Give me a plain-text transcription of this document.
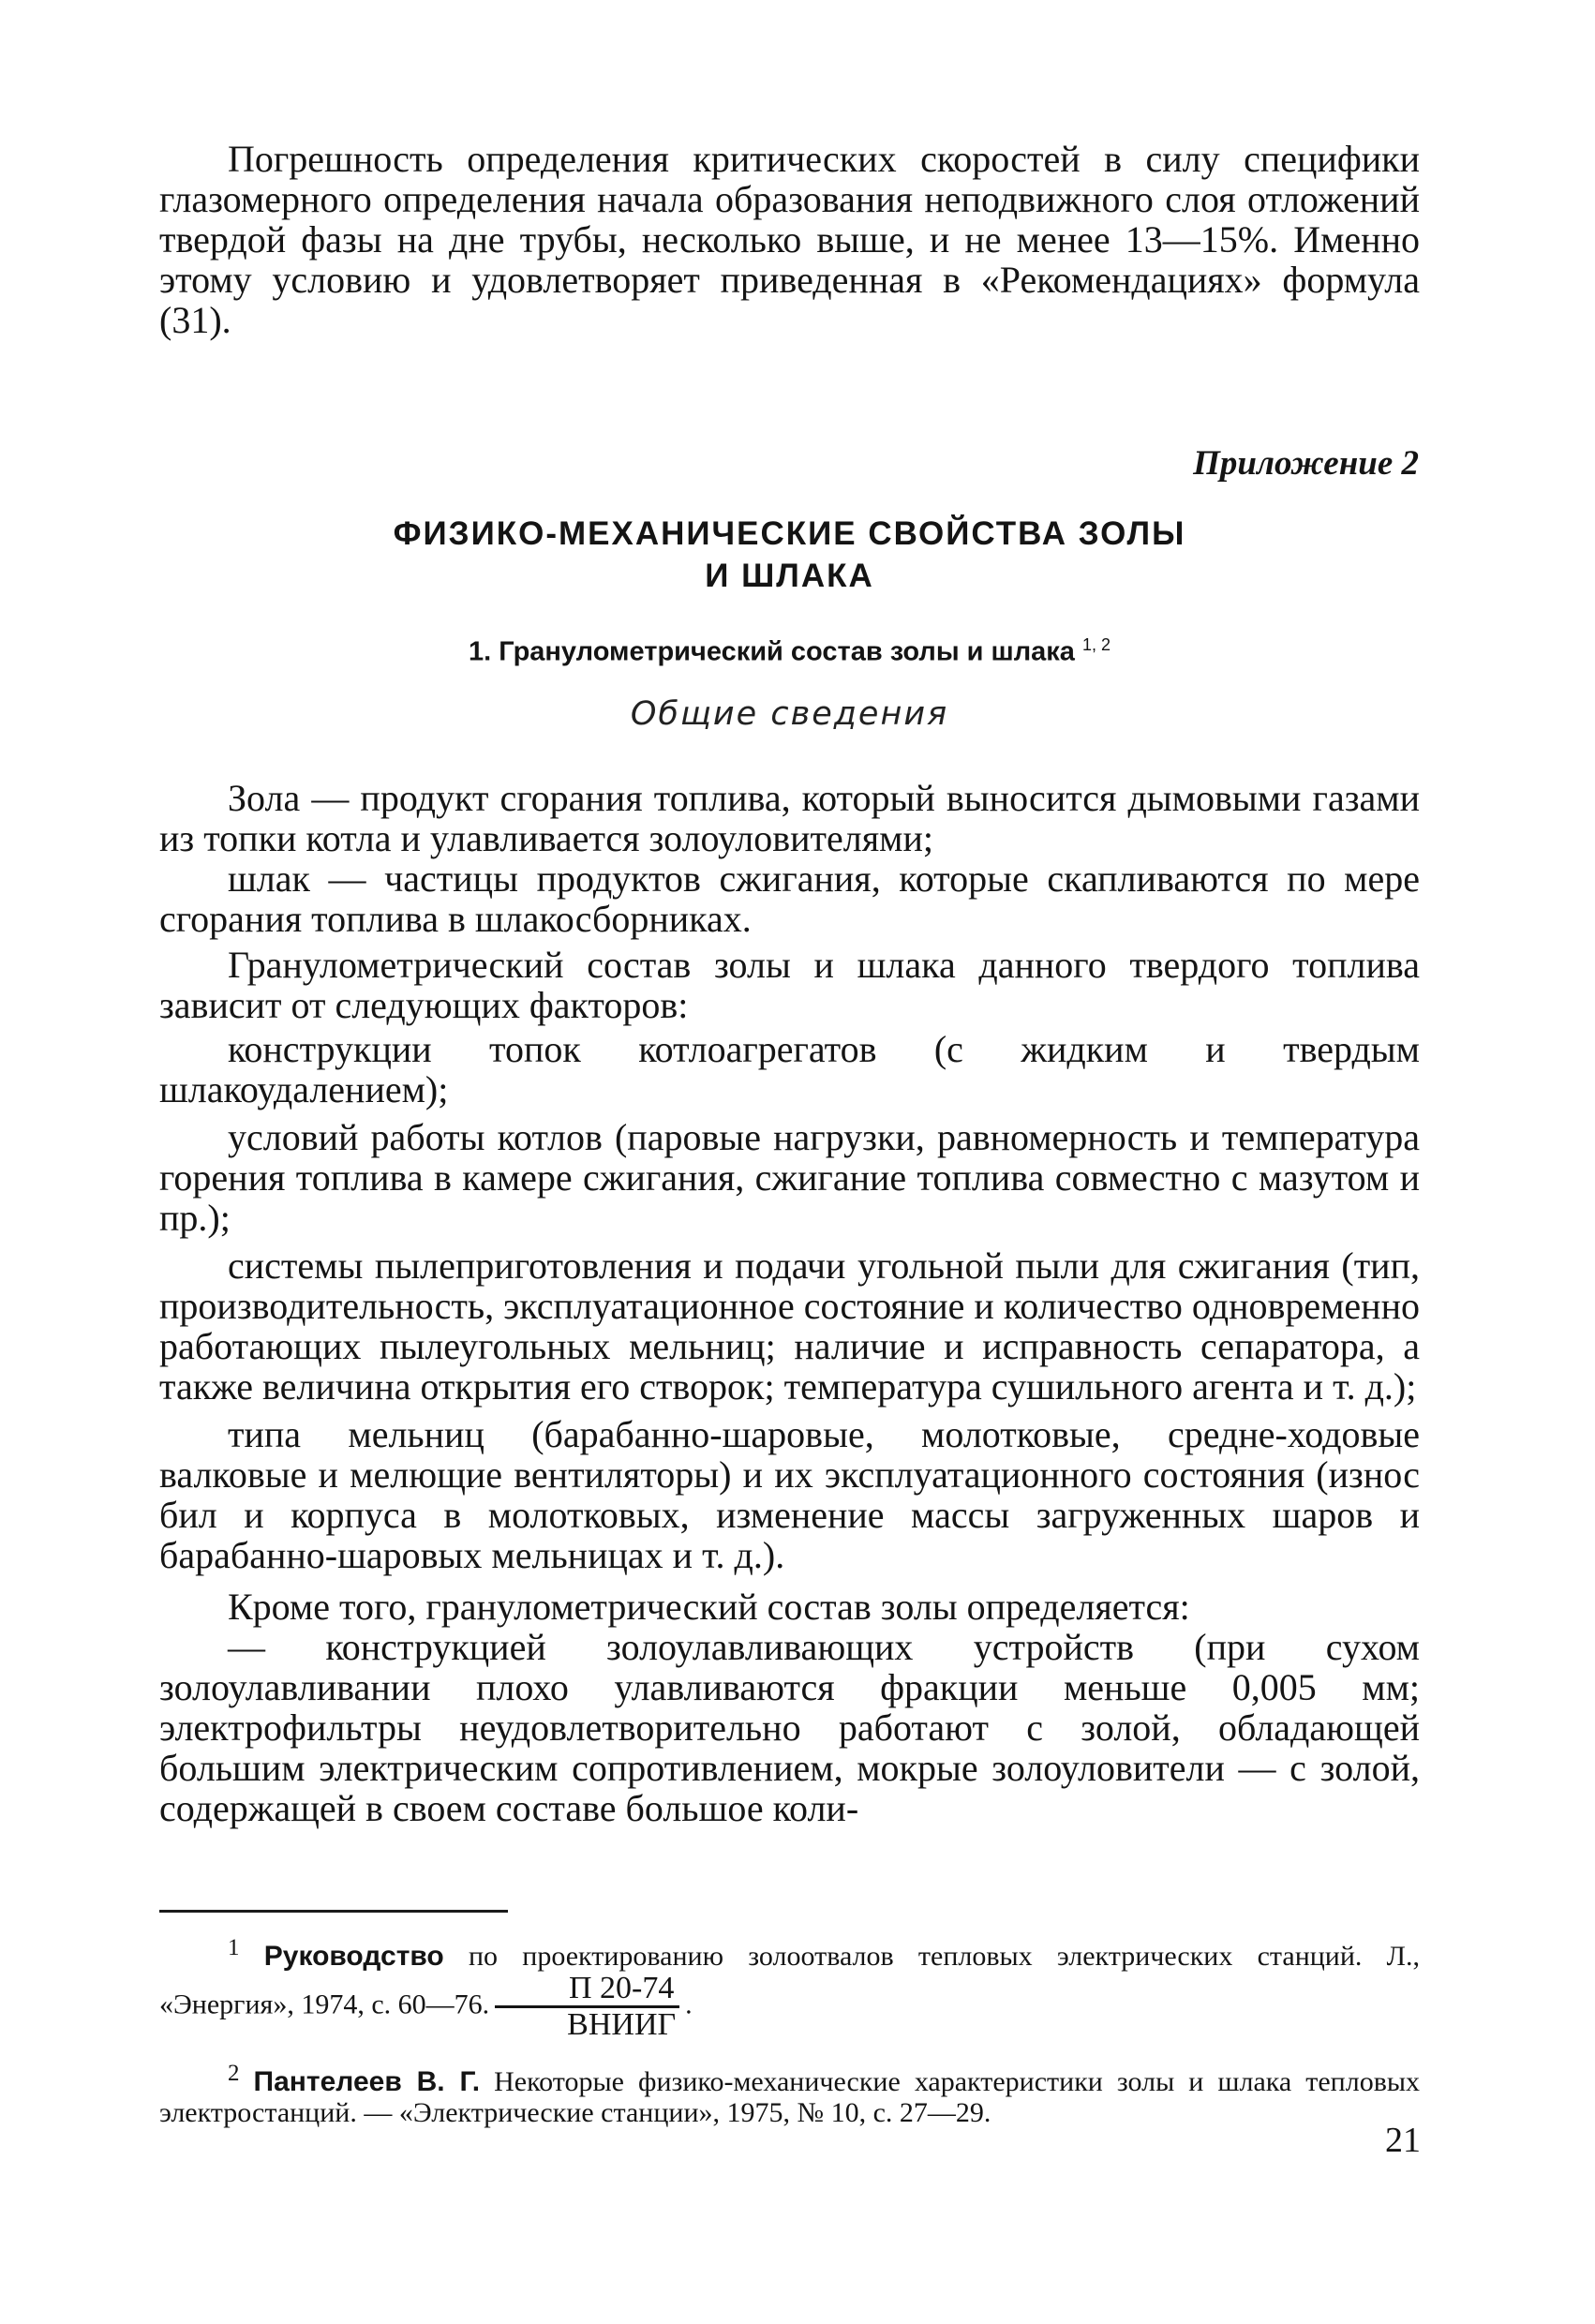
Погрешность определения критических скоростей в силу специфики глазомерного определения начала образования неподвижного слоя отложений твердой фазы на дне трубы, несколько выше, и не менее 13—15%. Именно этому условию и удовлетворяет приведенная в «Рекомендациях» формула (31).

Приложение 2
ФИЗИКО-МЕХАНИЧЕСКИЕ СВОЙСТВА ЗОЛЫ
И ШЛАКА
1. Гранулометрический состав золы и шлака $^{1, 2}$
Общие сведения

Зола — продукт сгорания топлива, который выносится дымовыми газами из топки котла и улавливается золоуловителями;

шлак — частицы продуктов сжигания, которые скапливаются по мере сгорания топлива в шлакосборниках.

Гранулометрический состав золы и шлака данного твердого топлива зависит от следующих факторов:

конструкции топок котлоагрегатов (с жидким и твердым шлакоудалением);

условий работы котлов (паровые нагрузки, равномерность и температура горения топлива в камере сжигания, сжигание топлива совместно с мазутом и пр.);

системы пылеприготовления и подачи угольной пыли для сжигания (тип, производительность, эксплуатационное состояние и количество одновременно работающих пылеугольных мельниц; наличие и исправность сепаратора, а также величина открытия его створок; температура сушильного агента и т. д.);

типа мельниц (барабанно-шаровые, молотковые, средне-ходовые валковые и мелющие вентиляторы) и их эксплуатационного состояния (износ бил и корпуса в молотковых, изменение массы загруженных шаров и барабанно-шаровых мельницах и т. д.).

Кроме того, гранулометрический состав золы определяется:

— конструкцией золоулавливающих устройств (при сухом золоулавливании плохо улавливаются фракции меньше 0,005 мм; электрофильтры неудовлетворительно работают с золой, обладающей большим электрическим сопротивлением, мокрые золоуловители — с золой, содержащей в своем составе большое коли-

$^1$ Руководство по проектированию золоотвалов тепловых электрических станций. Л., «Энергия», 1974, с. 60—76. $\frac{П 20-74}{\text{ВНИИГ}}$ .

$^2$ Пантелеев В. Г. Некоторые физико-механические характеристики золы и шлака тепловых электростанций. — «Электрические станции», 1975, № 10, с. 27—29.

21
